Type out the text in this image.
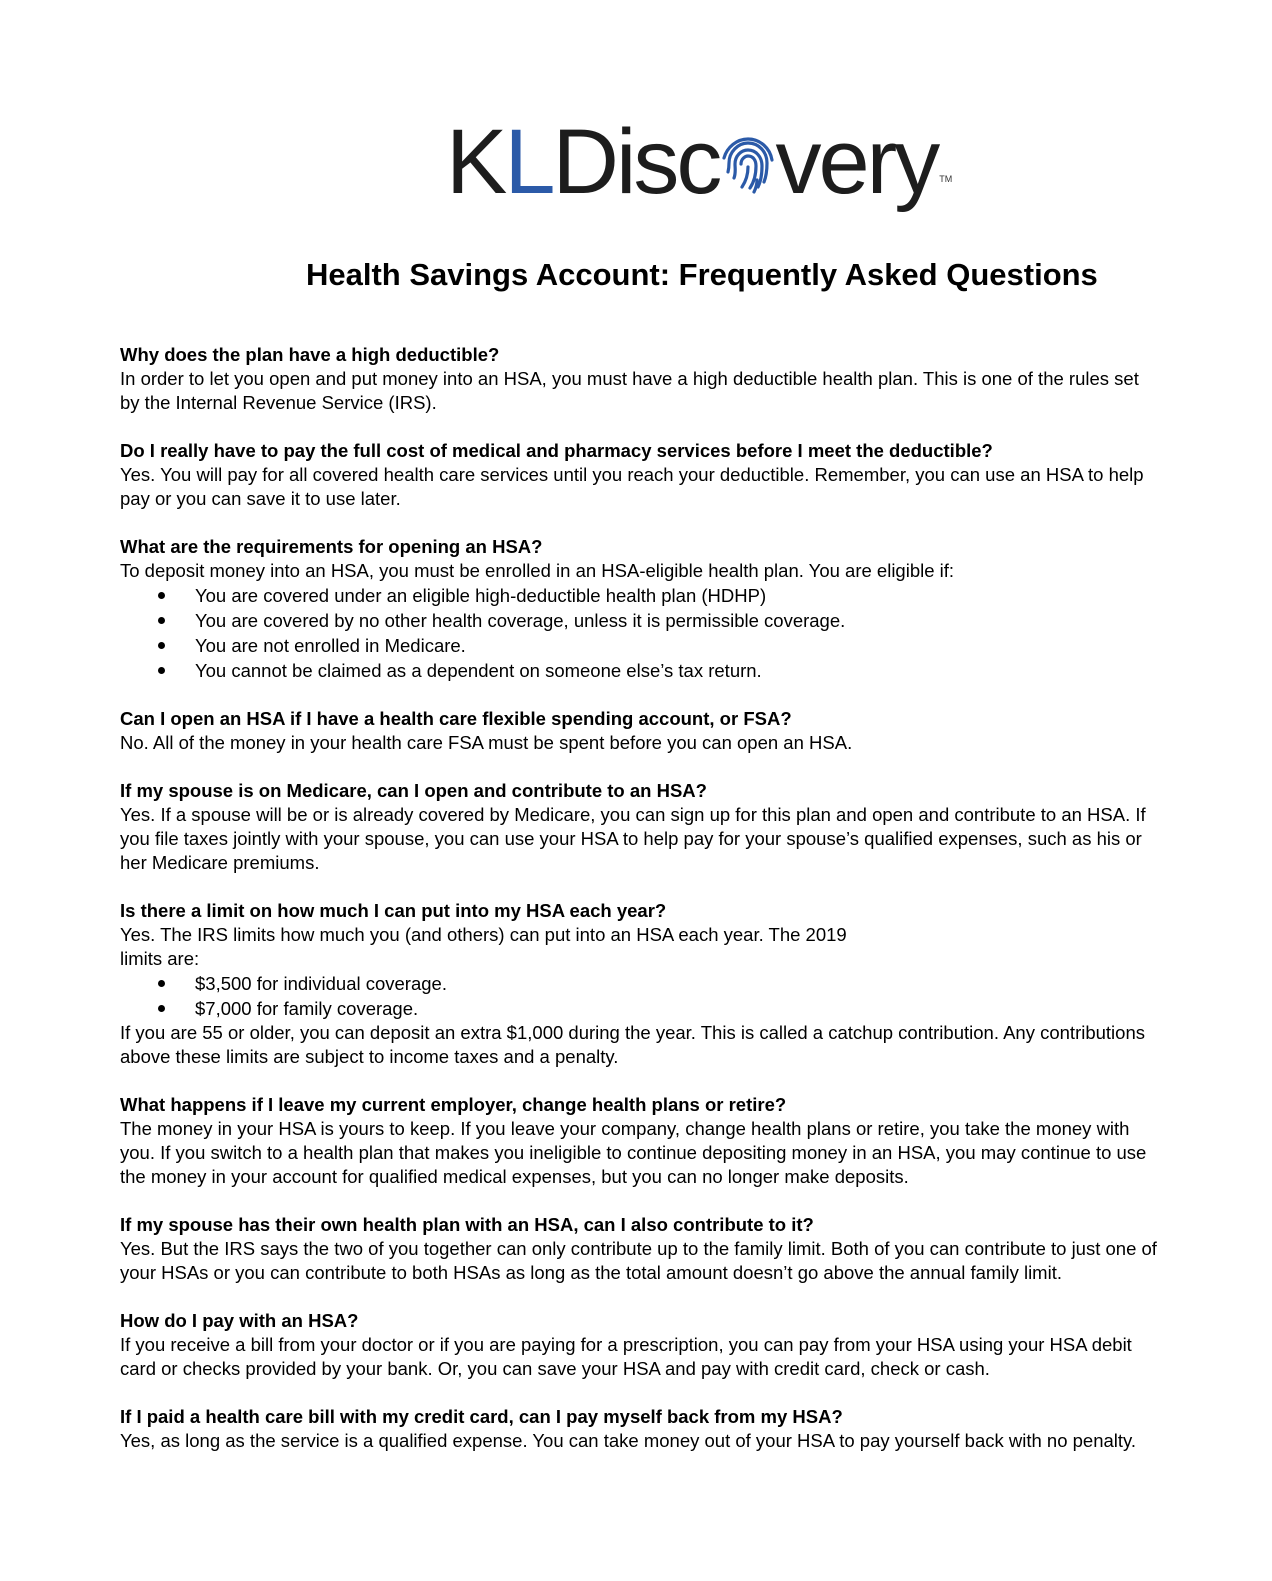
K L Disc very TM
Health Savings Account: Frequently Asked Questions

Why does the plan have a high deductible?

In order to let you open and put money into an HSA, you must have a high deductible health plan. This is one of the rules set by the Internal Revenue Service (IRS).

Do I really have to pay the full cost of medical and pharmacy services before I meet the deductible?

Yes. You will pay for all covered health care services until you reach your deductible. Remember, you can use an HSA to help pay or you can save it to use later.

What are the requirements for opening an HSA?

To deposit money into an HSA, you must be enrolled in an HSA-eligible health plan. You are eligible if:

You are covered under an eligible high-deductible health plan (HDHP)
You are covered by no other health coverage, unless it is permissible coverage.
You are not enrolled in Medicare.
You cannot be claimed as a dependent on someone else’s tax return.

Can I open an HSA if I have a health care flexible spending account, or FSA?

No. All of the money in your health care FSA must be spent before you can open an HSA.

If my spouse is on Medicare, can I open and contribute to an HSA?

Yes. If a spouse will be or is already covered by Medicare, you can sign up for this plan and open and contribute to an HSA. If you file taxes jointly with your spouse, you can use your HSA to help pay for your spouse’s qualified expenses, such as his or her Medicare premiums.

Is there a limit on how much I can put into my HSA each year?

Yes. The IRS limits how much you (and others) can put into an HSA each year. The 2019

limits are:

$3,500 for individual coverage.
$7,000 for family coverage.

If you are 55 or older, you can deposit an extra $1,000 during the year. This is called a catchup contribution. Any contributions above these limits are subject to income taxes and a penalty.

What happens if I leave my current employer, change health plans or retire?

The money in your HSA is yours to keep. If you leave your company, change health plans or retire, you take the money with you. If you switch to a health plan that makes you ineligible to continue depositing money in an HSA, you may continue to use the money in your account for qualified medical expenses, but you can no longer make deposits.

If my spouse has their own health plan with an HSA, can I also contribute to it?

Yes. But the IRS says the two of you together can only contribute up to the family limit. Both of you can contribute to just one of your HSAs or you can contribute to both HSAs as long as the total amount doesn’t go above the annual family limit.

How do I pay with an HSA?

If you receive a bill from your doctor or if you are paying for a prescription, you can pay from your HSA using your HSA debit card or checks provided by your bank. Or, you can save your HSA and pay with credit card, check or cash.

If I paid a health care bill with my credit card, can I pay myself back from my HSA?

Yes, as long as the service is a qualified expense. You can take money out of your HSA to pay yourself back with no penalty.
